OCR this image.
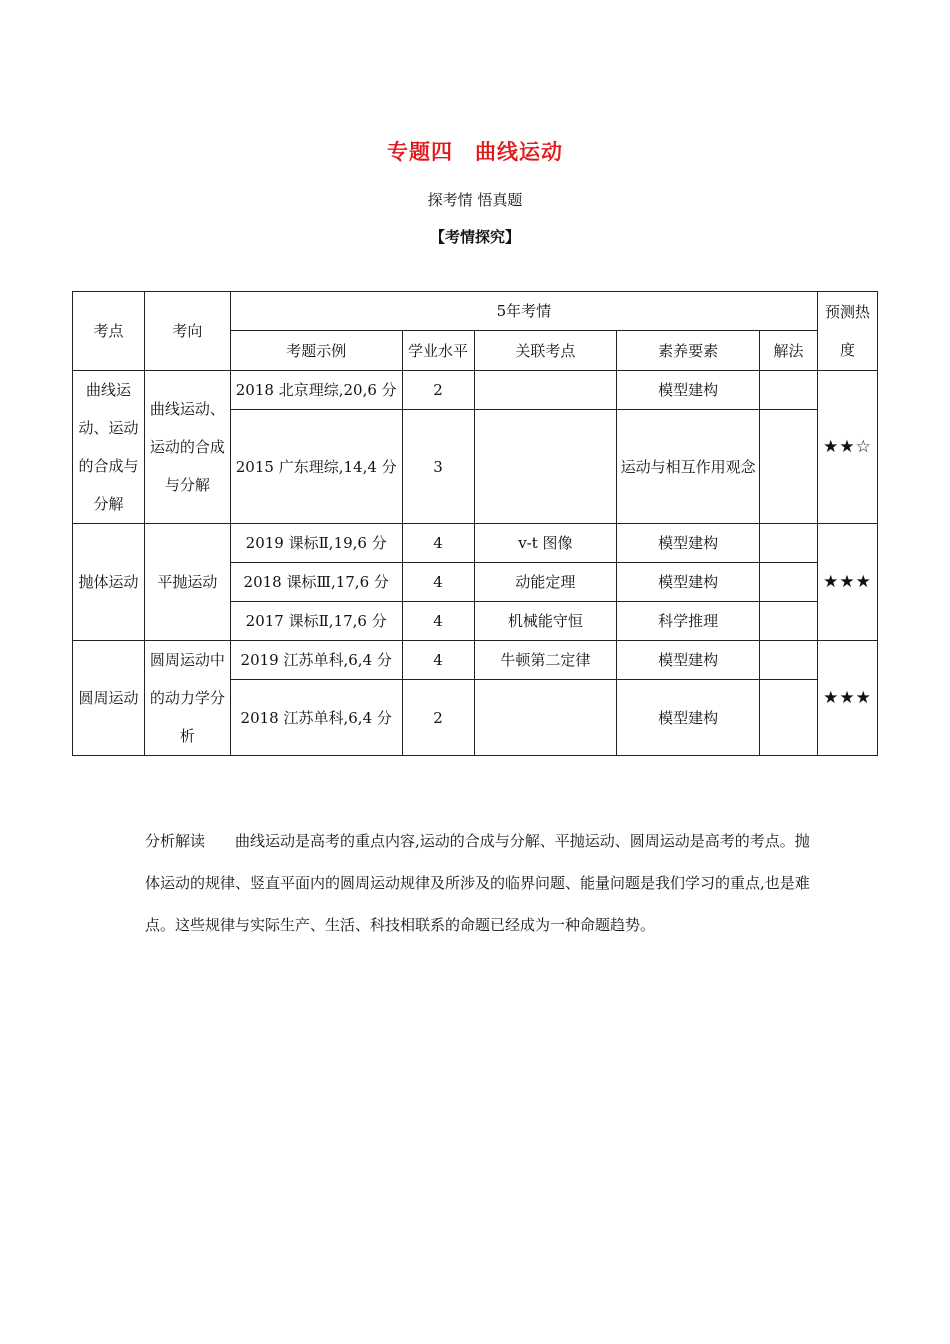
专题四　曲线运动
探考情 悟真题
【考情探究】
考点	考向	5年考情					预测热度
		考题示例	学业水平	关联考点	素养要素	解法	
曲线运动、运动的合成与分解	曲线运动、运动的合成与分解	2018 北京理综,20,6 分	2		模型建构		★★☆
		2015 广东理综,14,4 分	3		运动与相互作用观念		
抛体运动	平抛运动	2019 课标Ⅱ,19,6 分	4	v-t 图像	模型建构		★★★
		2018 课标Ⅲ,17,6 分	4	动能定理	模型建构		
		2017 课标Ⅱ,17,6 分	4	机械能守恒	科学推理		
圆周运动	圆周运动中的动力学分析	2019 江苏单科,6,4 分	4	牛顿第二定律	模型建构		★★★
		2018 江苏单科,6,4 分	2		模型建构		
分析解读 曲线运动是高考的重点内容,运动的合成与分解、平抛运动、圆周运动是高考的考点。抛体运动的规律、竖直平面内的圆周运动规律及所涉及的临界问题、能量问题是我们学习的重点,也是难点。这些规律与实际生产、生活、科技相联系的命题已经成为一种命题趋势。
